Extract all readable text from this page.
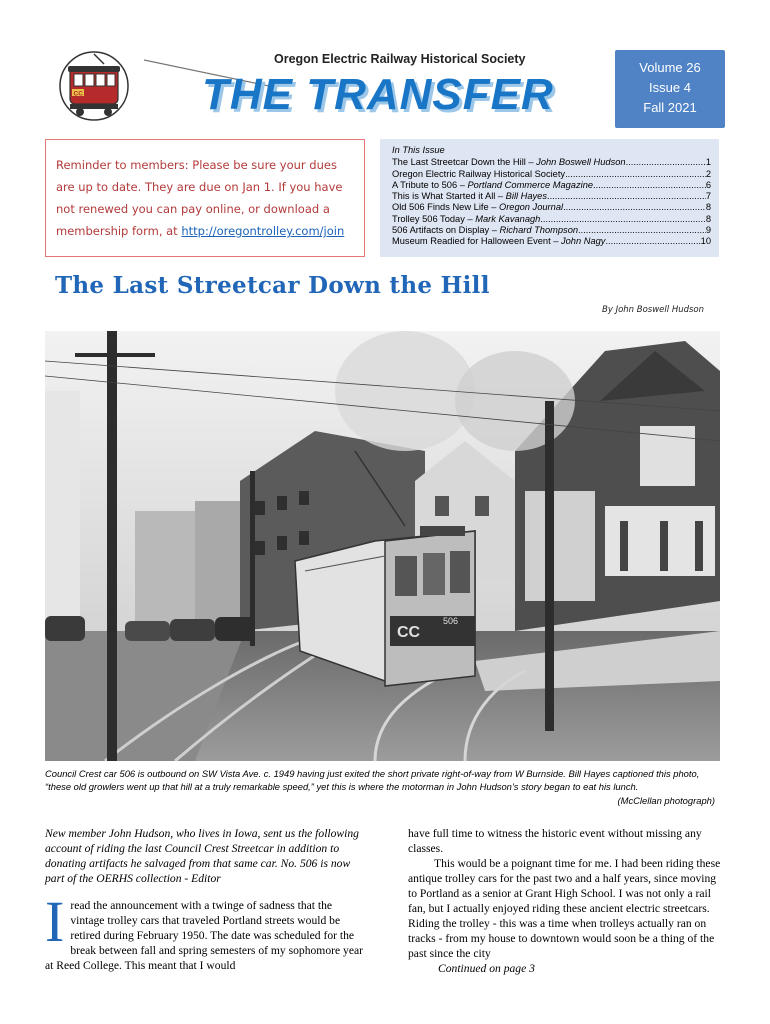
CC
Oregon Electric Railway Historical Society
THE TRANSFER
Volume 26
Issue 4
Fall 2021

Reminder to members: Please be sure your dues are up to date. They are due on Jan 1. If you have not renewed you can pay online, or download a membership form, at http://oregontrolley.com/join

In This Issue
The Last Streetcar Down the Hill – John Boswell Hudson .....	1
Oregon Electric Railway Historical Society .....	2
A Tribute to 506 – Portland Commerce Magazine .....	6
This is What Started it All – Bill Hayes .....	7
Old 506 Finds New Life – Oregon Journal .....	8
Trolley 506 Today – Mark Kavanagh .....	8
506 Artifacts on Display – Richard Thompson .....	9
Museum Readied for Halloween Event – John Nagy .....	10
The Last Streetcar Down the Hill
By John Boswell Hudson
CC
506
Council Crest car 506 is outbound on SW Vista Ave. c. 1949 having just exited the short private right-of-way from W Burnside. Bill Hayes captioned this photo, “these old growlers went up that hill at a truly remarkable speed,” yet this is where the motorman in John Hudson’s story began to eat his lunch.
(McClellan photograph)

New member John Hudson, who lives in Iowa, sent us the following account of riding the last Council Crest Streetcar in addition to donating artifacts he salvaged from that same car. No. 506 is now part of the OERHS collection - Editor

Iread the announcement with a twinge of sadness that the vintage trolley cars that traveled Portland streets would be retired during February 1950. The date was scheduled for the break between fall and spring semesters of my sophomore year at Reed College. This meant that I would

have full time to witness the historic event without missing any classes.

This would be a poignant time for me. I had been riding these antique trolley cars for the past two and a half years, since moving to Portland as a senior at Grant High School. I was not only a rail fan, but I actually enjoyed riding these ancient electric streetcars. Riding the trolley - this was a time when trolleys actually ran on tracks - from my house to downtown would soon be a thing of the past since the city

Continued on page 3
